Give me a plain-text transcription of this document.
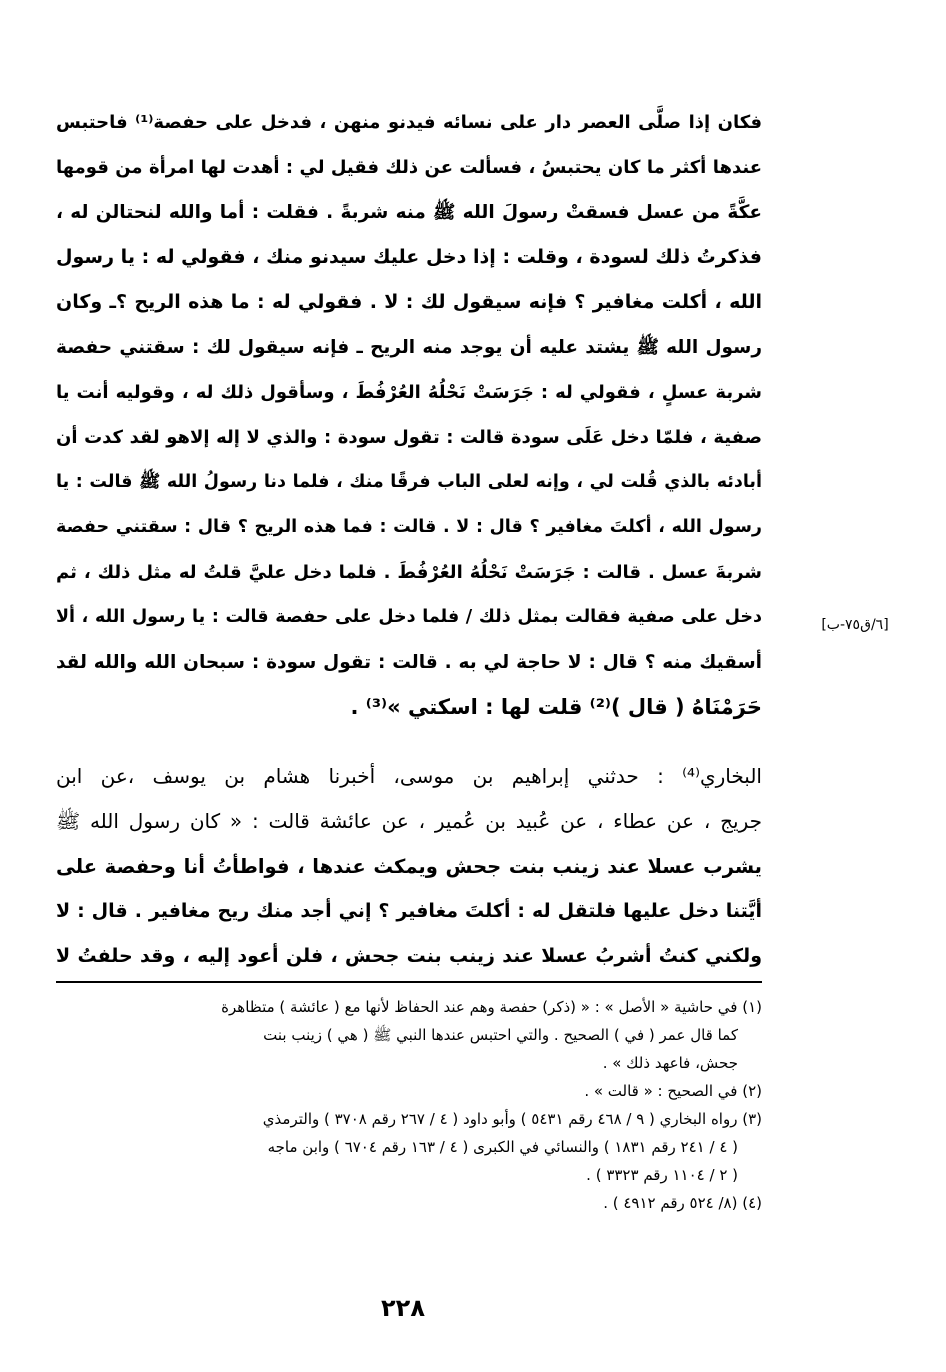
فكان إذا صلَّى العصر دار على نسائه فيدنو منهن ، فدخل على حفصة⁽¹⁾ فاحتبس
عندها أكثر ما كان يحتبسُ ، فسألت عن ذلك فقيل لي : أهدت لها امرأة من قومها
عكَّةً من عسل فسقتْ رسولَ الله ﷺ منه شربةً . فقلت : أما والله لنحتالن له ،
فذكرتُ ذلك لسودة ، وقلت : إذا دخل عليك سيدنو منك ، فقولي له : يا رسول
الله ، أكلت مغافير ؟ فإنه سيقول لك : لا . فقولي له : ما هذه الريح ؟ـ وكان
رسول الله ﷺ يشتد عليه أن يوجد منه الريح ـ فإنه سيقول لك : سقتني حفصة
شربة عسلٍ ، فقولي له : جَرَسَتْ نَحْلُهُ العُرْفُطَ ، وسأقول ذلك له ، وقوليه أنت يا
صفية ، فلمّا دخل عَلَى سودة قالت : تقول سودة : والذي لا إله إلاهو لقد كدت أن
أبادئه بالذي قُلت لي ، وإنه لعلى الباب فرقًا منك ، فلما دنا رسولُ الله ﷺ قالت : يا
رسول الله ، أكلتَ مغافير ؟ قال : لا . قالت : فما هذه الريح ؟ قال : سقتني حفصة
شربةَ عسل . قالت : جَرَسَتْ نَحْلُهُ العُرْفُطَ . فلما دخل عليَّ قلتُ له مثل ذلك ، ثم
دخل على صفية فقالت بمثل ذلك / فلما دخل على حفصة قالت : يا رسول الله ، ألا
أسقيك منه ؟ قال : لا حاجة لي به . قالت : تقول سودة : سبحان الله والله لقد
حَرَمْنَاهُ ( قال )⁽²⁾ قلت لها : اسكتي »⁽³⁾ .
[٦/ق٧٥-ب]
البخاري⁽⁴⁾ : حدثني إبراهيم بن موسى، أخبرنا هشام بن يوسف ،عن ابن
جريج ، عن عطاء ، عن عُبيد بن عُمير ، عن عائشة قالت : « كان رسول الله ﷺ
يشرب عسلا عند زينب بنت جحش ويمكث عندها ، فواطأتُ أنا وحفصة على
أيَّتنا دخل عليها فلتقل له : أكلتَ مغافير ؟ إني أجد منك ريح مغافير . قال : لا
ولكني كنتُ أشربُ عسلا عند زينب بنت جحش ، فلن أعود إليه ، وقد حلفتُ لا
(١) في حاشية « الأصل » : « (ذكر) حفصة وهم عند الحفاظ لأنها مع ( عائشة ) متظاهرة
كما قال عمر ( في ) الصحيح . والتي احتبس عندها النبي ﷺ ( هي ) زينب بنت
جحش، فاعهد ذلك » .
(٢) في الصحيح : « قالت » .
(٣) رواه البخاري ( ٩ / ٤٦٨ رقم ٥٤٣١ ) وأبو داود ( ٤ / ٢٦٧ رقم ٣٧٠٨ ) والترمذي
( ٤ / ٢٤١ رقم ١٨٣١ ) والنسائي في الكبرى ( ٤ / ١٦٣ رقم ٦٧٠٤ ) وابن ماجه
( ٢ / ١١٠٤ رقم ٣٣٢٣ ) .
(٤) (٨/ ٥٢٤ رقم ٤٩١٢ ) .
٢٢٨
